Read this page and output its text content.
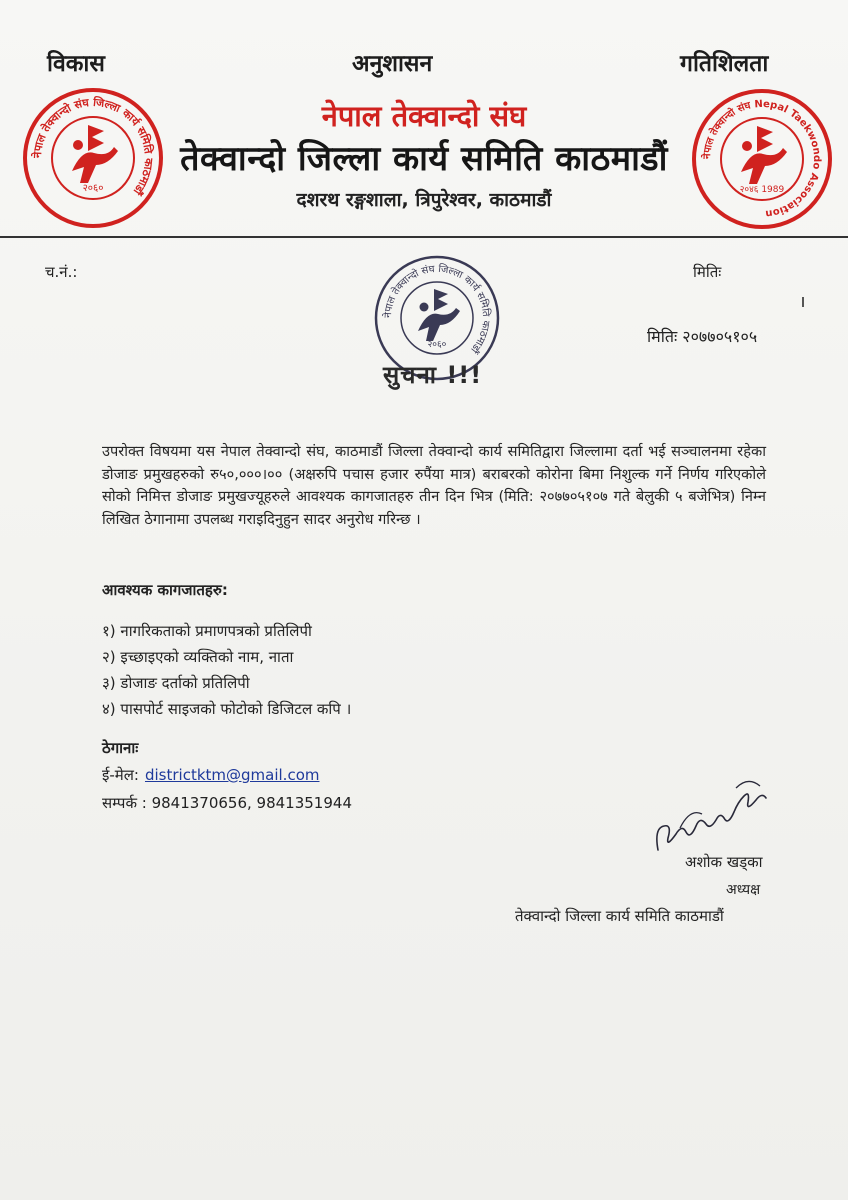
विकास	अनुशासन	गतिशिलता
नेपाल तेक्वान्दो संघ जिल्ला कार्य समिति काठमाडौं
२०६०
नेपाल तेक्वान्दो संघ Nepal Taekwondo Association
२०४६ 1989
नेपाल तेक्वान्दो संघ
तेक्वान्दो जिल्ला कार्य समिति काठमाडौं
दशरथ रङ्गशाला, त्रिपुरेश्वर, काठमाडौं
च.नं.:	मितिः
नेपाल तेक्वान्दो संघ जिल्ला कार्य समिति काठमाडौं
२०६०	मितिः २०७७०५१०५
सुचना !!!
उपरोक्त विषयमा यस नेपाल तेक्वान्दो संघ, काठमाडौं जिल्ला तेक्वान्दो कार्य समितिद्वारा जिल्लामा दर्ता भई सञ्चालनमा रहेका डोजाङ प्रमुखहरुको रु५०,०००।०० (अक्षरुपि पचास हजार रुपैंया मात्र) बराबरको कोरोना बिमा निशुल्क गर्ने निर्णय गरिएकोले सोको निमित्त डोजाङ प्रमुखज्यूहरुले आवश्यक कागजातहरु तीन दिन भित्र (मिति: २०७७०५१०७ गते बेलुकी ५ बजेभित्र) निम्न लिखित ठेगानामा उपलब्ध गराइदिनुहुन सादर अनुरोध गरिन्छ ।
आवश्यक कागजातहरु:
१) नागरिकताको प्रमाणपत्रको प्रतिलिपी
२) इच्छाइएको व्यक्तिको नाम, नाता
३) डोजाङ दर्ताको प्रतिलिपी
४) पासपोर्ट साइजको फोटोको डिजिटल कपि ।
ठेगानाः
ई-मेल: districtktm@gmail.com
सम्पर्क : 9841370656, 9841351944
अशोक खड्का
अध्यक्ष
तेक्वान्दो जिल्ला कार्य समिति काठमाडौं
